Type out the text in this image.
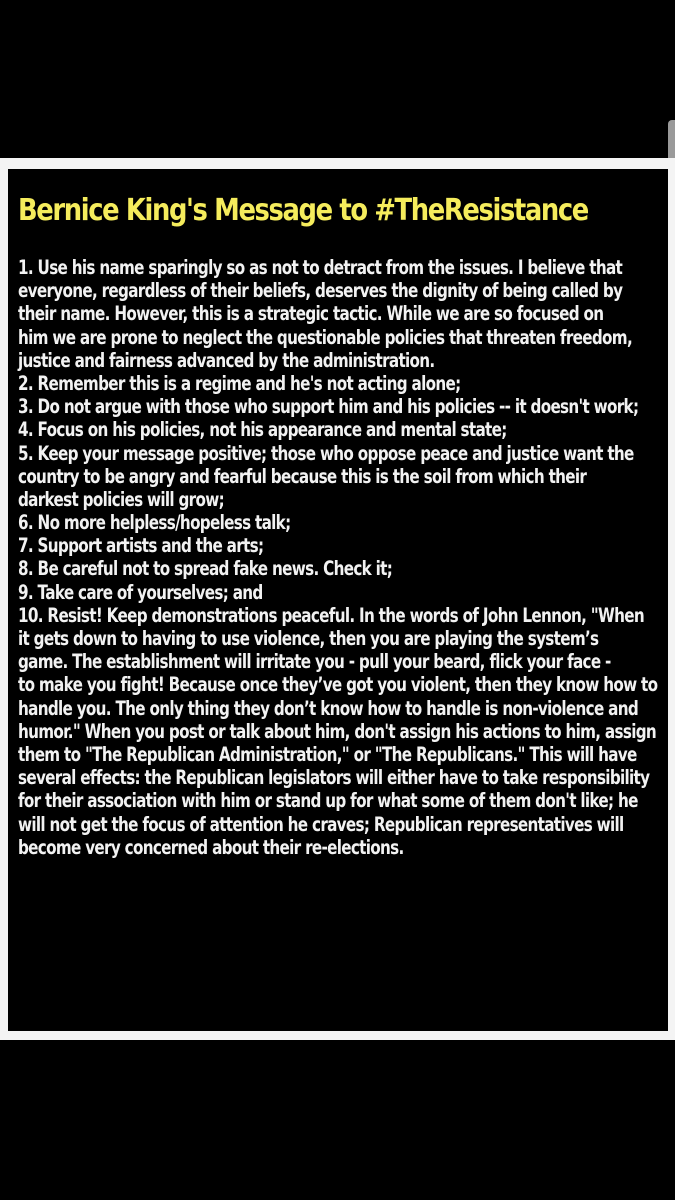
Bernice King's Message to #TheResistance
1. Use his name sparingly so as not to detract from the issues. I believe that
everyone, regardless of their beliefs, deserves the dignity of being called by
their name. However, this is a strategic tactic. While we are so focused on
him we are prone to neglect the questionable policies that threaten freedom,
justice and fairness advanced by the administration.
2. Remember this is a regime and he's not acting alone;
3. Do not argue with those who support him and his policies -- it doesn't work;
4. Focus on his policies, not his appearance and mental state;
5. Keep your message positive; those who oppose peace and justice want the
country to be angry and fearful because this is the soil from which their
darkest policies will grow;
6. No more helpless/hopeless talk;
7. Support artists and the arts;
8. Be careful not to spread fake news. Check it;
9. Take care of yourselves; and
10. Resist! Keep demonstrations peaceful. In the words of John Lennon, "When
it gets down to having to use violence, then you are playing the system’s
game. The establishment will irritate you - pull your beard, flick your face -
to make you fight! Because once they’ve got you violent, then they know how to
handle you. The only thing they don’t know how to handle is non-violence and
humor." When you post or talk about him, don't assign his actions to him, assign
them to "The Republican Administration," or "The Republicans." This will have
several effects: the Republican legislators will either have to take responsibility
for their association with him or stand up for what some of them don't like; he
will not get the focus of attention he craves; Republican representatives will
become very concerned about their re-elections.
